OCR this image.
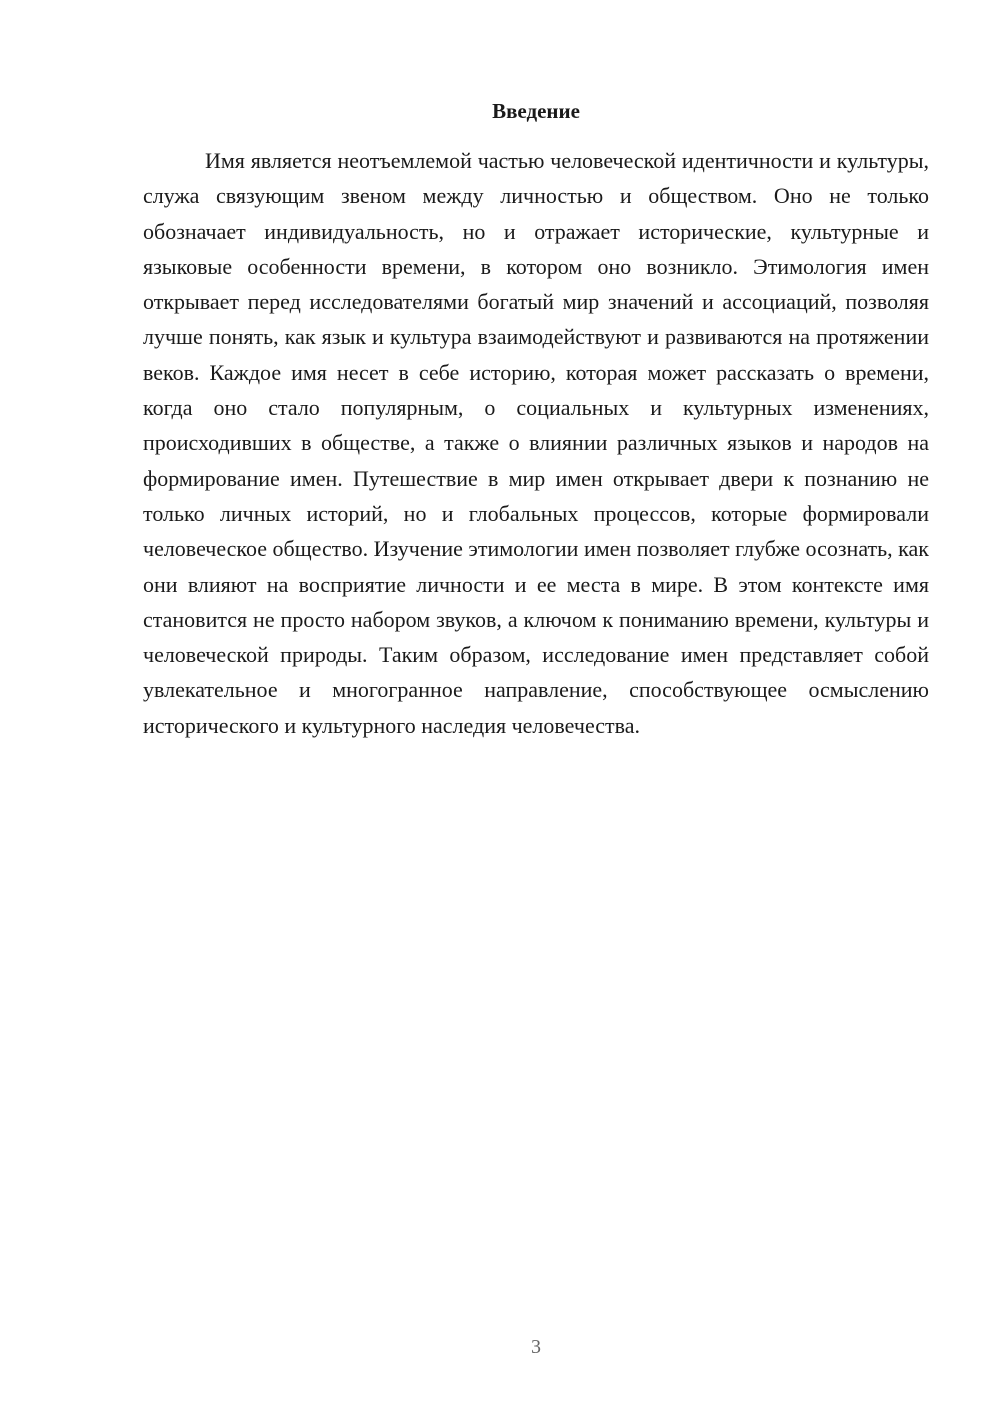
Введение

Имя является неотъемлемой частью человеческой идентичности и культуры, служа связующим звеном между личностью и обществом. Оно не только обозначает индивидуальность, но и отражает исторические, культурные и языковые особенности времени, в котором оно возникло. Этимология имен открывает перед исследователями богатый мир значений и ассоциаций, позволяя лучше понять, как язык и культура взаимодействуют и развиваются на протяжении веков. Каждое имя несет в себе историю, которая может рассказать о времени, когда оно стало популярным, о социальных и культурных изменениях, происходивших в обществе, а также о влиянии различных языков и народов на формирование имен. Путешествие в мир имен открывает двери к познанию не только личных историй, но и глобальных процессов, которые формировали человеческое общество. Изучение этимологии имен позволяет глубже осознать, как они влияют на восприятие личности и ее места в мире. В этом контексте имя становится не просто набором звуков, а ключом к пониманию времени, культуры и человеческой природы. Таким образом, исследование имен представляет собой увлекательное и многогранное направление, способствующее осмыслению исторического и культурного наследия человечества.

3
